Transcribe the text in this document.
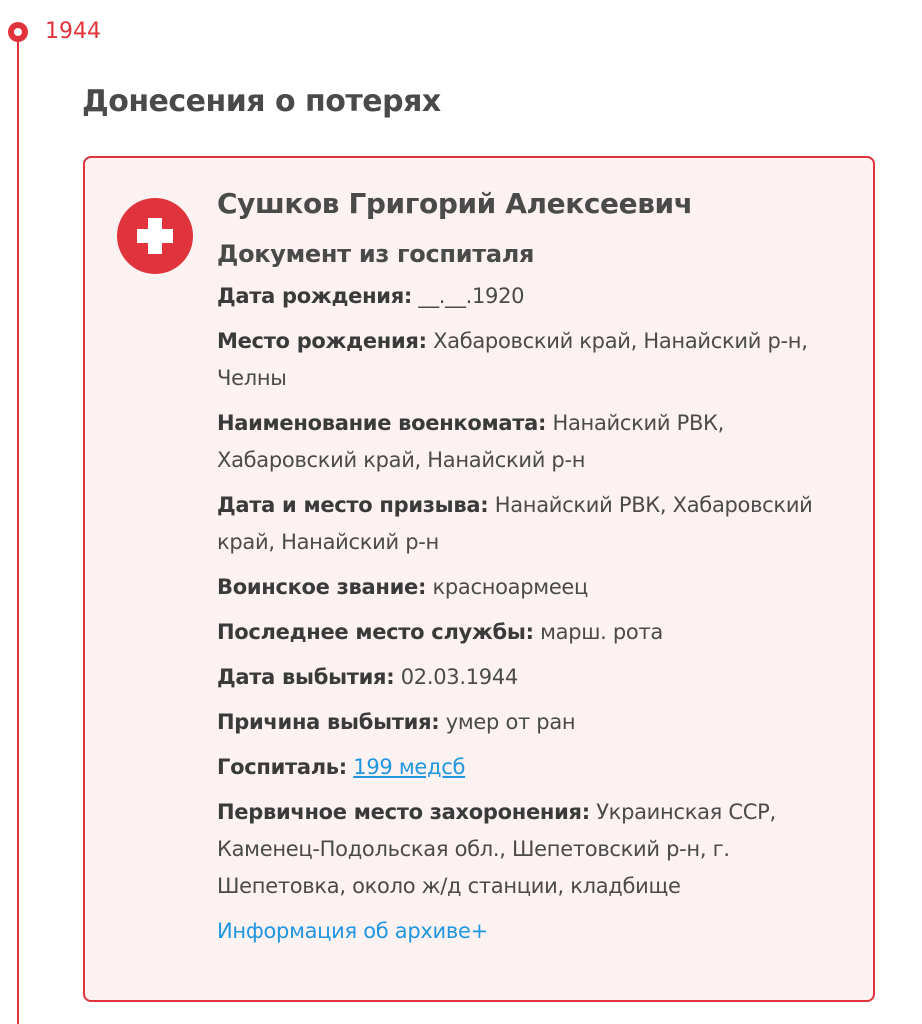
1944
Донесения о потерях
Сушков Григорий Алексеевич
Документ из госпиталя
Дата рождения: __.__.1920
Место рождения: Хабаровский край, Нанайский р-н, Челны
Наименование военкомата: Нанайский РВК, Хабаровский край, Нанайский р-н
Дата и место призыва: Нанайский РВК, Хабаровский край, Нанайский р-н
Воинское звание: красноармеец
Последнее место службы: марш. рота
Дата выбытия: 02.03.1944
Причина выбытия: умер от ран
Госпиталь: 199 медсб
Первичное место захоронения: Украинская ССР, Каменец-Подольская обл., Шепетовский р-н, г. Шепетовка, около ж/д станции, кладбище
Информация об архиве+
